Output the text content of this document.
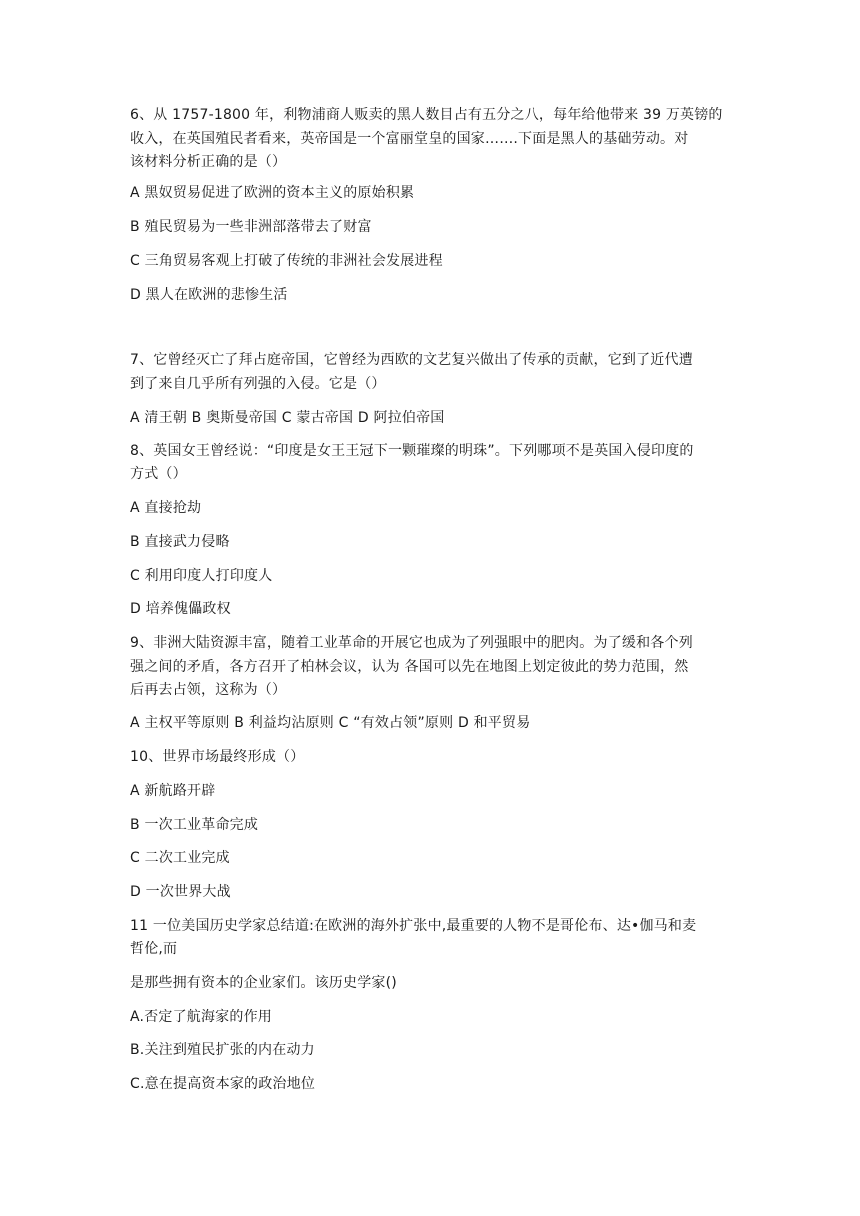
6、从 1757-1800 年，利物浦商人贩卖的黑人数目占有五分之八，每年给他带来 39 万英镑的
收入，在英国殖民者看来，英帝国是一个富丽堂皇的国家…….下面是黑人的基础劳动。对
该材料分析正确的是（）
A 黑奴贸易促进了欧洲的资本主义的原始积累
B 殖民贸易为一些非洲部落带去了财富
C 三角贸易客观上打破了传统的非洲社会发展进程
D 黑人在欧洲的悲惨生活
7、它曾经灭亡了拜占庭帝国，它曾经为西欧的文艺复兴做出了传承的贡献，它到了近代遭
到了来自几乎所有列强的入侵。它是（）
A 清王朝 B 奥斯曼帝国 C 蒙古帝国 D 阿拉伯帝国
8、英国女王曾经说：“印度是女王王冠下一颗璀璨的明珠”。下列哪项不是英国入侵印度的
方式（）
A 直接抢劫
B 直接武力侵略
C 利用印度人打印度人
D 培养傀儡政权
9、非洲大陆资源丰富，随着工业革命的开展它也成为了列强眼中的肥肉。为了缓和各个列
强之间的矛盾，各方召开了柏林会议，认为 各国可以先在地图上划定彼此的势力范围，然
后再去占领，这称为（）
A 主权平等原则 B 利益均沾原则 C “有效占领”原则 D 和平贸易
10、世界市场最终形成（）
A 新航路开辟
B 一次工业革命完成
C 二次工业完成
D 一次世界大战
11 一位美国历史学家总结道:在欧洲的海外扩张中,最重要的人物不是哥伦布、达•伽马和麦
哲伦,而
是那些拥有资本的企业家们。该历史学家()
A.否定了航海家的作用
B.关注到殖民扩张的内在动力
C.意在提高资本家的政治地位
